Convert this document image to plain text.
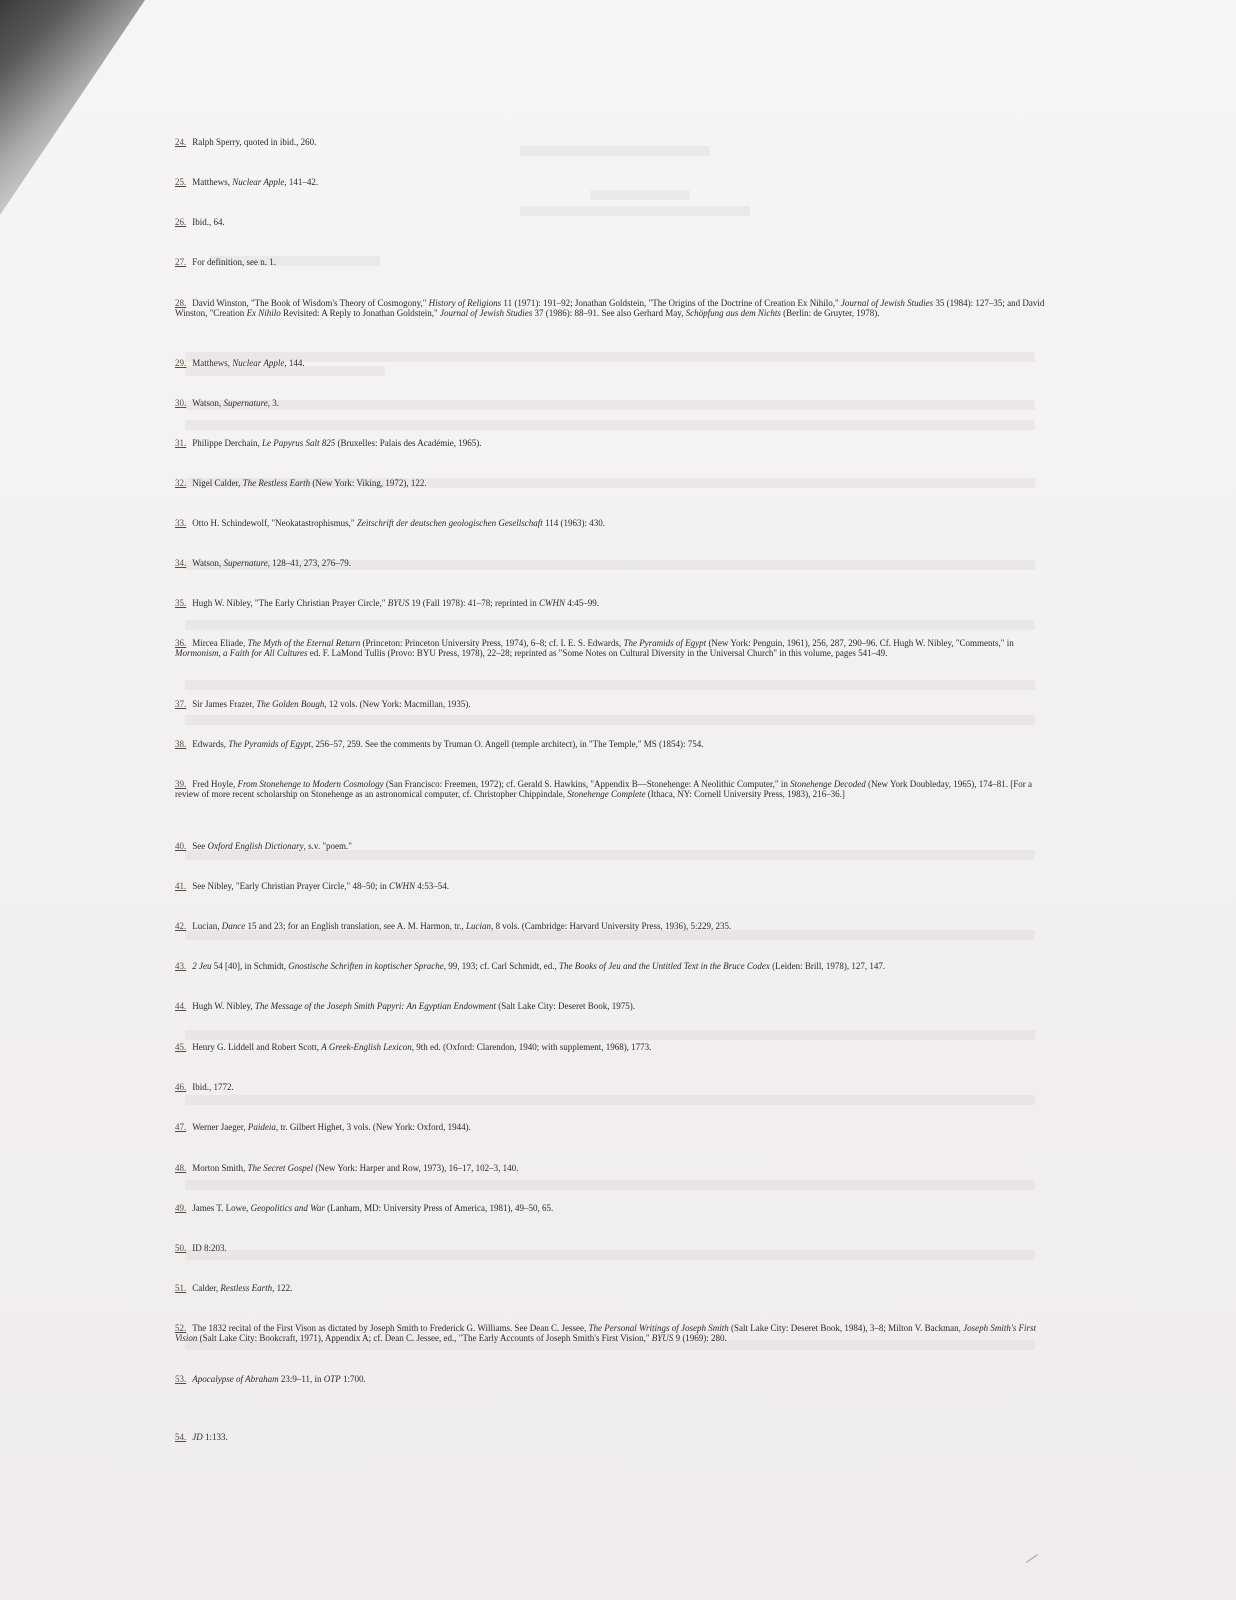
24. Ralph Sperry, quoted in ibid., 260.
25. Matthews, Nuclear Apple, 141–42.
26. Ibid., 64.
27. For definition, see n. 1.
28. David Winston, "The Book of Wisdom's Theory of Cosmogony," History of Religions 11 (1971): 191–92; Jonathan Goldstein, "The Origins of the Doctrine of Creation Ex Nihilo," Journal of Jewish Studies 35 (1984): 127–35; and David Winston, "Creation Ex Nihilo Revisited: A Reply to Jonathan Goldstein," Journal of Jewish Studies 37 (1986): 88–91. See also Gerhard May, Schöpfung aus dem Nichts (Berlin: de Gruyter, 1978).
29. Matthews, Nuclear Apple, 144.
30. Watson, Supernature, 3.
31. Philippe Derchain, Le Papyrus Salt 825 (Bruxelles: Palais des Académie, 1965).
32. Nigel Calder, The Restless Earth (New York: Viking, 1972), 122.
33. Otto H. Schindewolf, "Neokatastrophismus," Zeitschrift der deutschen geologischen Gesellschaft 114 (1963): 430.
34. Watson, Supernature, 128–41, 273, 276–79.
35. Hugh W. Nibley, "The Early Christian Prayer Circle," BYUS 19 (Fall 1978): 41–78; reprinted in CWHN 4:45–99.
36. Mircea Eliade, The Myth of the Eternal Return (Princeton: Princeton University Press, 1974), 6–8; cf. I. E. S. Edwards, The Pyramids of Egypt (New York: Penguin, 1961), 256, 287, 290–96. Cf. Hugh W. Nibley, "Comments," in Mormonism, a Faith for All Cultures ed. F. LaMond Tullis (Provo: BYU Press, 1978), 22–28; reprinted as "Some Notes on Cultural Diversity in the Universal Church" in this volume, pages 541–49.
37. Sir James Frazer, The Golden Bough, 12 vols. (New York: Macmillan, 1935).
38. Edwards, The Pyramids of Egypt, 256–57, 259. See the comments by Truman O. Angell (temple architect), in "The Temple," MS (1854): 754.
39. Fred Hoyle, From Stonehenge to Modern Cosmology (San Francisco: Freemen, 1972); cf. Gerald S. Hawkins, "Appendix B—Stonehenge: A Neolithic Computer," in Stonehenge Decoded (New York Doubleday, 1965), 174–81. [For a review of more recent scholarship on Stonehenge as an astronomical computer, cf. Christopher Chippindale, Stonehenge Complete (Ithaca, NY: Cornell University Press, 1983), 216–36.]
40. See Oxford English Dictionary, s.v. "poem."
41. See Nibley, "Early Christian Prayer Circle," 48–50; in CWHN 4:53–54.
42. Lucian, Dance 15 and 23; for an English translation, see A. M. Harmon, tr., Lucian, 8 vols. (Cambridge: Harvard University Press, 1936), 5:229, 235.
43. 2 Jeu 54 [40], in Schmidt, Gnostische Schriften in koptischer Sprache, 99, 193; cf. Carl Schmidt, ed., The Books of Jeu and the Untitled Text in the Bruce Codex (Leiden: Brill, 1978), 127, 147.
44. Hugh W. Nibley, The Message of the Joseph Smith Papyri: An Egyptian Endowment (Salt Lake City: Deseret Book, 1975).
45. Henry G. Liddell and Robert Scott, A Greek-English Lexicon, 9th ed. (Oxford: Clarendon, 1940; with supplement, 1968), 1773.
46. Ibid., 1772.
47. Werner Jaeger, Paideia, tr. Gilbert Highet, 3 vols. (New York: Oxford, 1944).
48. Morton Smith, The Secret Gospel (New York: Harper and Row, 1973), 16–17, 102–3, 140.
49. James T. Lowe, Geopolitics and War (Lanham, MD: University Press of America, 1981), 49–50, 65.
50. ID 8:203.
51. Calder, Restless Earth, 122.
52. The 1832 recital of the First Vison as dictated by Joseph Smith to Frederick G. Williams. See Dean C. Jessee, The Personal Writings of Joseph Smith (Salt Lake City: Deseret Book, 1984), 3–8; Milton V. Backman, Joseph Smith's First Vision (Salt Lake City: Bookcraft, 1971), Appendix A; cf. Dean C. Jessee, ed., "The Early Accounts of Joseph Smith's First Vision," BYUS 9 (1969): 280.
53. Apocalypse of Abraham 23:9–11, in OTP 1:700.
54. JD 1:133.
